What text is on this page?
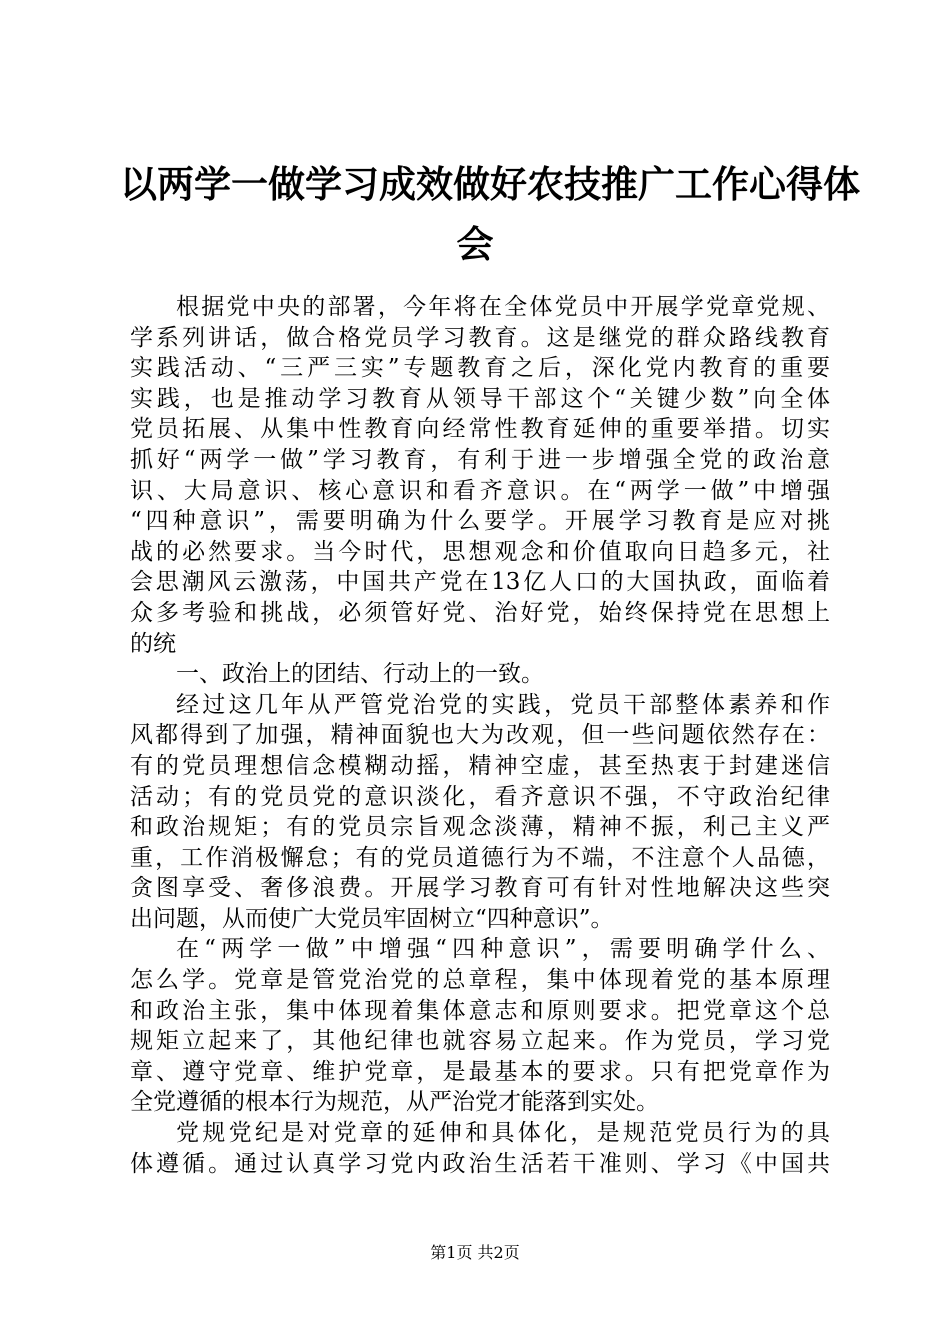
以两学一做学习成效做好农技推广工作心得体
会
根据党中央的部署，今年将在全体党员中开展学党章党规、
学系列讲话，做合格党员学习教育。这是继党的群众路线教育
实践活动、“三严三实”专题教育之后，深化党内教育的重要
实践，也是推动学习教育从领导干部这个“关键少数”向全体
党员拓展、从集中性教育向经常性教育延伸的重要举措。切实
抓好“两学一做”学习教育，有利于进一步增强全党的政治意
识、大局意识、核心意识和看齐意识。在“两学一做”中增强
“四种意识”，需要明确为什么要学。开展学习教育是应对挑
战的必然要求。当今时代，思想观念和价值取向日趋多元，社
会思潮风云激荡，中国共产党在13亿人口的大国执政，面临着
众多考验和挑战，必须管好党、治好党，始终保持党在思想上
的统
一、政治上的团结、行动上的一致。
经过这几年从严管党治党的实践，党员干部整体素养和作
风都得到了加强，精神面貌也大为改观，但一些问题依然存在：
有的党员理想信念模糊动摇，精神空虚，甚至热衷于封建迷信
活动；有的党员党的意识淡化，看齐意识不强，不守政治纪律
和政治规矩；有的党员宗旨观念淡薄，精神不振，利己主义严
重，工作消极懈怠；有的党员道德行为不端，不注意个人品德，
贪图享受、奢侈浪费。开展学习教育可有针对性地解决这些突
出问题，从而使广大党员牢固树立“四种意识”。
在“两学一做”中增强“四种意识”，需要明确学什么、
怎么学。党章是管党治党的总章程，集中体现着党的基本原理
和政治主张，集中体现着集体意志和原则要求。把党章这个总
规矩立起来了，其他纪律也就容易立起来。作为党员，学习党
章、遵守党章、维护党章，是最基本的要求。只有把党章作为
全党遵循的根本行为规范，从严治党才能落到实处。
党规党纪是对党章的延伸和具体化，是规范党员行为的具
体遵循。通过认真学习党内政治生活若干准则、学习《中国共
第1页 共2页
